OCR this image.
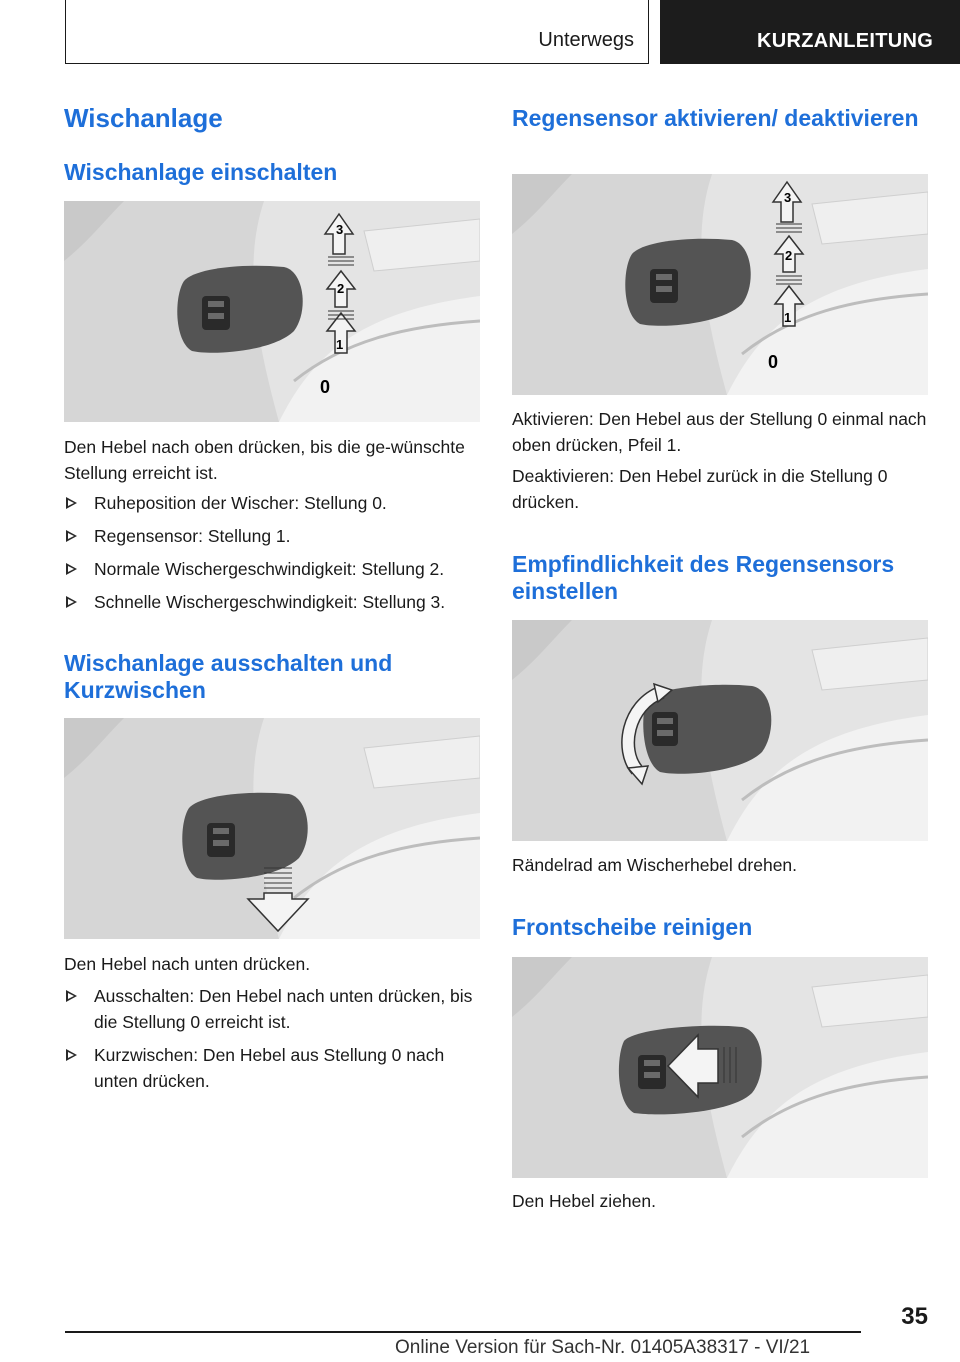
Unterwegs	KURZANLEITUNG
Wischanlage
Wischanlage einschalten
3
2
1
0

Den Hebel nach oben drücken, bis die ge-wünschte Stellung erreicht ist.

Ruheposition der Wischer: Stellung 0.
Regensensor: Stellung 1.
Normale Wischergeschwindigkeit: Stellung 2.
Schnelle Wischergeschwindigkeit: Stellung 3.
Wischanlage ausschalten und Kurzwischen

Den Hebel nach unten drücken.

Ausschalten: Den Hebel nach unten drücken, bis die Stellung 0 erreicht ist.
Kurzwischen: Den Hebel aus Stellung 0 nach unten drücken.
Regensensor aktivieren/ deaktivieren
3
2
1
0

Aktivieren: Den Hebel aus der Stellung 0 einmal nach oben drücken, Pfeil 1.

Deaktivieren: Den Hebel zurück in die Stellung 0 drücken.

Empfindlichkeit des Regensensors einstellen

Rändelrad am Wischerhebel drehen.

Frontscheibe reinigen

Den Hebel ziehen.

35
Online Version für Sach-Nr. 01405A38317 - VI/21
